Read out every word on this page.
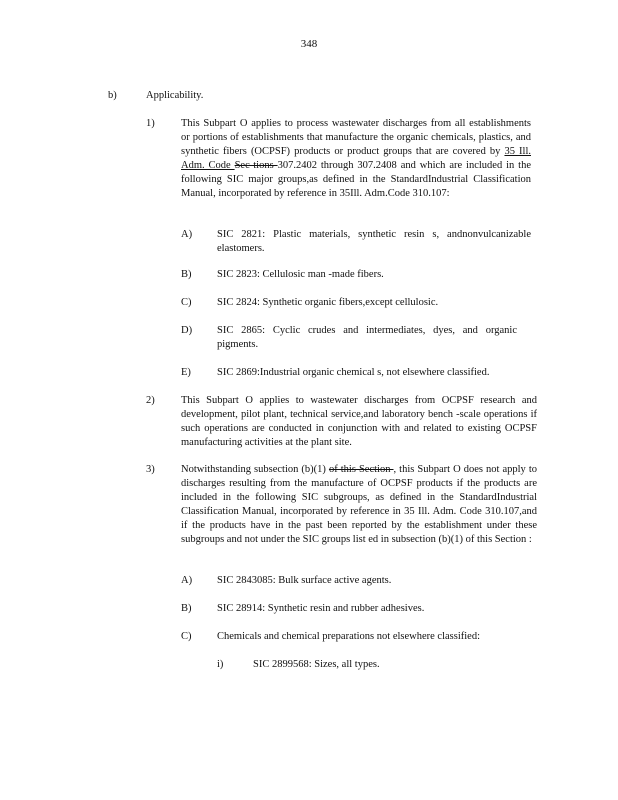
348
b)	Applicability.
1)	This Subpart O applies to process wastewater discharges from all establishments or portions of establishments that manufacture the organic chemicals, plastics, and synthetic fibers (OCPSF) products or product groups that are covered by 35 Ill. Adm. Code Sec-tions 307.2402 through 307.2408 and which are included in the following SIC major groups,as defined in the StandardIndustrial Classification Manual, incorporated by reference in 35Ill. Adm.Code 310.107:
A) SIC 2821: Plastic materials, synthetic resin s, andnonvulcanizable elastomers.
B) SIC 2823: Cellulosic man -made fibers.
C) SIC 2824: Synthetic organic fibers,except cellulosic.
D) SIC 2865: Cyclic crudes and intermediates, dyes, and organic pigments.
E) SIC 2869:Industrial organic chemical s, not elsewhere classified.
2)	This Subpart O applies to wastewater discharges from OCPSF research and development, pilot plant, technical service,and laboratory bench -scale operations if such operations are conducted in conjunction with and related to existing OCPSF manufacturing activities at the plant site.
3)	Notwithstanding subsection (b)(1) of this Section , this Subpart O does not apply to discharges resulting from the manufacture of OCPSF products if the products are included in the following SIC subgroups, as defined in the StandardIndustrial Classification Manual, incorporated by reference in 35 Ill. Adm. Code 310.107,and if the products have in the past been reported by the establishment under these subgroups and not under the SIC groups list ed in subsection (b)(1) of this Section :
A) SIC 2843085: Bulk surface active agents.
B) SIC 28914: Synthetic resin and rubber adhesives.
C) Chemicals and chemical preparations not elsewhere classified:
i)	SIC 2899568: Sizes, all types.
